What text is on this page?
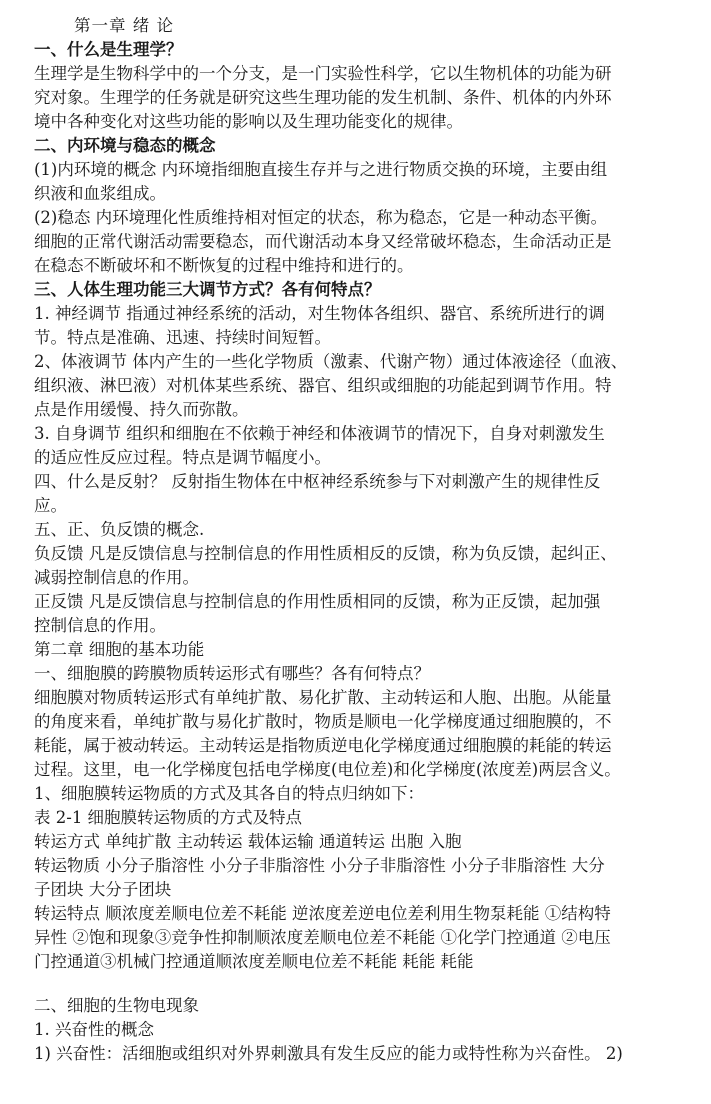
第一章 绪 论
一、什么是生理学？
生理学是生物科学中的一个分支，是一门实验性科学，它以生物机体的功能为研
究对象。生理学的任务就是研究这些生理功能的发生机制、条件、机体的内外环
境中各种变化对这些功能的影响以及生理功能变化的规律。
二、内环境与稳态的概念
(1)内环境的概念 内环境指细胞直接生存并与之进行物质交换的环境，主要由组
织液和血浆组成。
(2)稳态 内环境理化性质维持相对恒定的状态，称为稳态，它是一种动态平衡。
细胞的正常代谢活动需要稳态，而代谢活动本身又经常破坏稳态，生命活动正是
在稳态不断破坏和不断恢复的过程中维持和进行的。
三、人体生理功能三大调节方式？各有何特点？
1. 神经调节 指通过神经系统的活动，对生物体各组织、器官、系统所进行的调
节。特点是准确、迅速、持续时间短暂。
2、体液调节 体内产生的一些化学物质（激素、代谢产物）通过体液途径（血液、
组织液、淋巴液）对机体某些系统、器官、组织或细胞的功能起到调节作用。特
点是作用缓慢、持久而弥散。
3. 自身调节 组织和细胞在不依赖于神经和体液调节的情况下，自身对刺激发生
的适应性反应过程。特点是调节幅度小。
四、什么是反射？ 反射指生物体在中枢神经系统参与下对刺激产生的规律性反
应。
五、正、负反馈的概念.
负反馈 凡是反馈信息与控制信息的作用性质相反的反馈，称为负反馈，起纠正、
减弱控制信息的作用。
正反馈 凡是反馈信息与控制信息的作用性质相同的反馈，称为正反馈，起加强
控制信息的作用。
第二章 细胞的基本功能
一、细胞膜的跨膜物质转运形式有哪些？各有何特点？
细胞膜对物质转运形式有单纯扩散、易化扩散、主动转运和人胞、出胞。从能量
的角度来看，单纯扩散与易化扩散时，物质是顺电一化学梯度通过细胞膜的，不
耗能，属于被动转运。主动转运是指物质逆电化学梯度通过细胞膜的耗能的转运
过程。这里，电一化学梯度包括电学梯度(电位差)和化学梯度(浓度差)两层含义。
1、细胞膜转运物质的方式及其各自的特点归纳如下：
表 2-1 细胞膜转运物质的方式及特点
转运方式 单纯扩散 主动转运 载体运输 通道转运 出胞 入胞
转运物质 小分子脂溶性 小分子非脂溶性 小分子非脂溶性 小分子非脂溶性 大分
子团块 大分子团块
转运特点 顺浓度差顺电位差不耗能 逆浓度差逆电位差利用生物泵耗能 ①结构特
异性 ②饱和现象③竞争性抑制顺浓度差顺电位差不耗能 ①化学门控通道 ②电压
门控通道③机械门控通道顺浓度差顺电位差不耗能 耗能 耗能
二、细胞的生物电现象
1. 兴奋性的概念
1) 兴奋性：活细胞或组织对外界刺激具有发生反应的能力或特性称为兴奋性。 2)
